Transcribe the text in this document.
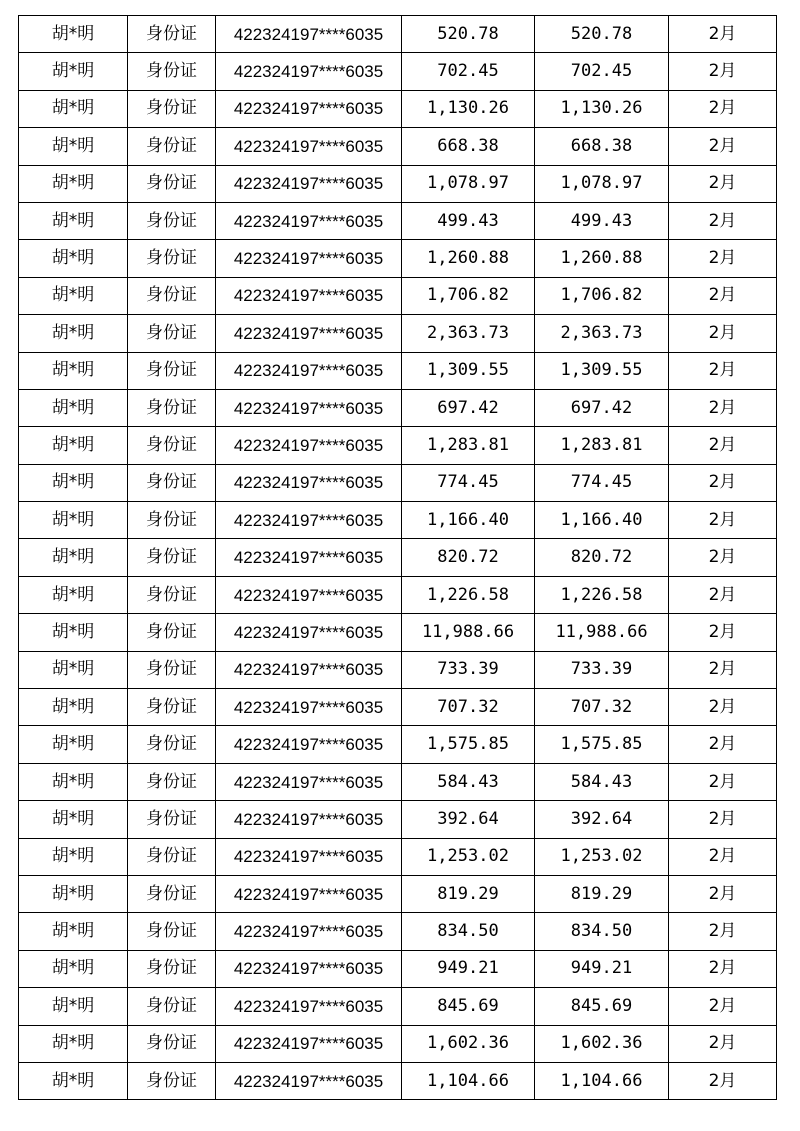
胡*明	身份证	422324197****6035	520.78	520.78	2月
胡*明	身份证	422324197****6035	702.45	702.45	2月
胡*明	身份证	422324197****6035	1,130.26	1,130.26	2月
胡*明	身份证	422324197****6035	668.38	668.38	2月
胡*明	身份证	422324197****6035	1,078.97	1,078.97	2月
胡*明	身份证	422324197****6035	499.43	499.43	2月
胡*明	身份证	422324197****6035	1,260.88	1,260.88	2月
胡*明	身份证	422324197****6035	1,706.82	1,706.82	2月
胡*明	身份证	422324197****6035	2,363.73	2,363.73	2月
胡*明	身份证	422324197****6035	1,309.55	1,309.55	2月
胡*明	身份证	422324197****6035	697.42	697.42	2月
胡*明	身份证	422324197****6035	1,283.81	1,283.81	2月
胡*明	身份证	422324197****6035	774.45	774.45	2月
胡*明	身份证	422324197****6035	1,166.40	1,166.40	2月
胡*明	身份证	422324197****6035	820.72	820.72	2月
胡*明	身份证	422324197****6035	1,226.58	1,226.58	2月
胡*明	身份证	422324197****6035	11,988.66	11,988.66	2月
胡*明	身份证	422324197****6035	733.39	733.39	2月
胡*明	身份证	422324197****6035	707.32	707.32	2月
胡*明	身份证	422324197****6035	1,575.85	1,575.85	2月
胡*明	身份证	422324197****6035	584.43	584.43	2月
胡*明	身份证	422324197****6035	392.64	392.64	2月
胡*明	身份证	422324197****6035	1,253.02	1,253.02	2月
胡*明	身份证	422324197****6035	819.29	819.29	2月
胡*明	身份证	422324197****6035	834.50	834.50	2月
胡*明	身份证	422324197****6035	949.21	949.21	2月
胡*明	身份证	422324197****6035	845.69	845.69	2月
胡*明	身份证	422324197****6035	1,602.36	1,602.36	2月
胡*明	身份证	422324197****6035	1,104.66	1,104.66	2月
